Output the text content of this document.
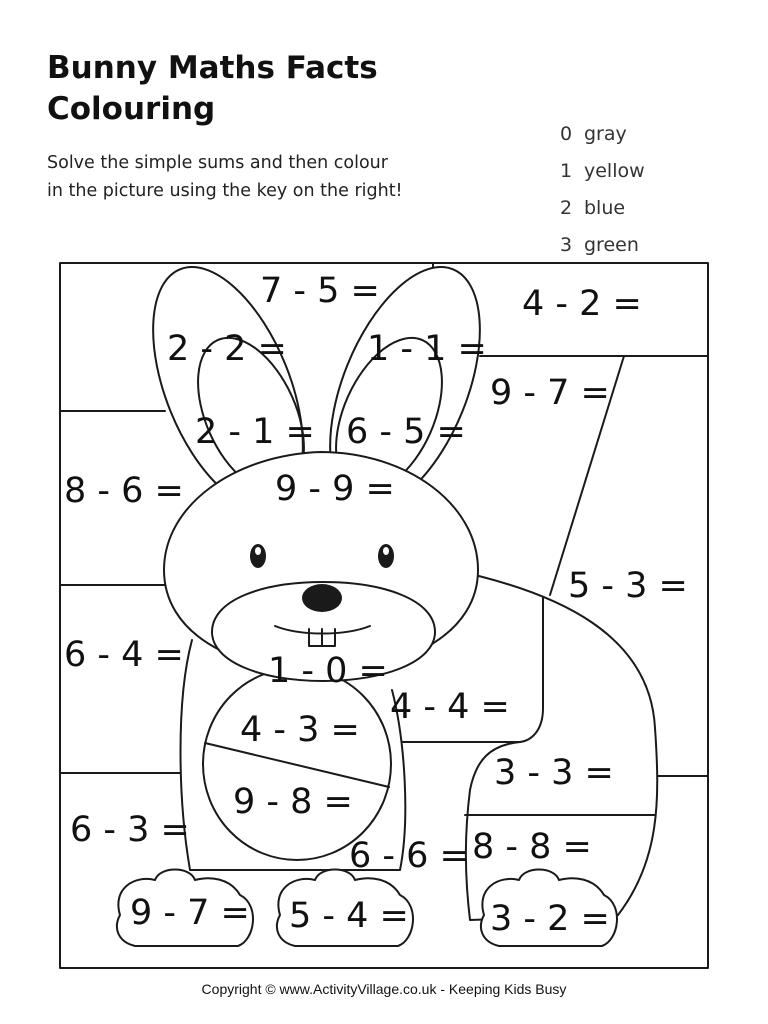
Bunny Maths Facts
Colouring

Solve the simple sums and then colour
in the picture using the key on the right!

0 gray
1 yellow
2 blue
3 green
7 - 5 =
2 - 2 = 1 - 1 =
4 - 2 =
2 - 1 = 6 - 5 =
9 - 7 =
8 - 6 =	9 - 9 =
5 - 3 =
6 - 4 = 1 - 0 =
4 - 4 =
4 - 3 =
3 - 3 =
9 - 8 =
6 - 3 =
6 - 6 = 8 - 8 =
9 - 7 = 5 - 4 = 3 - 2 =
Copyright © www.ActivityVillage.co.uk - Keeping Kids Busy
